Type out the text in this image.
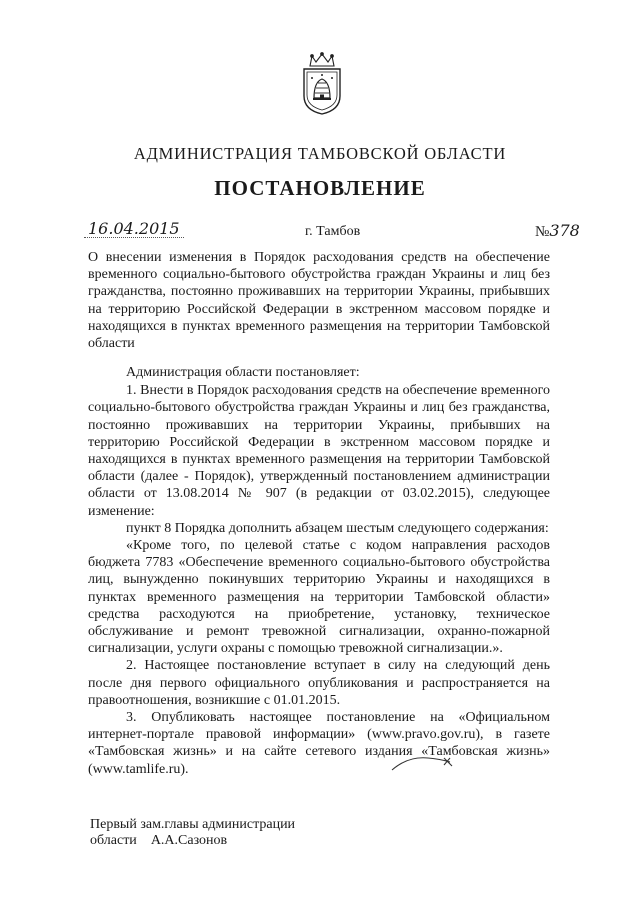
АДМИНИСТРАЦИЯ ТАМБОВСКОЙ ОБЛАСТИ
ПОСТАНОВЛЕНИЕ
16.04.2015	г. Тамбов	№378
О внесении изменения в Порядок расходования средств на обеспечение временного социально-бытового обустройства граждан Украины и лиц без гражданства, постоянно проживавших на территории Украины, прибывших на территорию Российской Федерации в экстренном массовом порядке и находящихся в пунктах временного размещения на территории Тамбовской области

Администрация области постановляет:

1. Внести в Порядок расходования средств на обеспечение временного социально-бытового обустройства граждан Украины и лиц без гражданства, постоянно проживавших на территории Украины, прибывших на территорию Российской Федерации в экстренном массовом порядке и находящихся в пунктах временного размещения на территории Тамбовской области (далее - Порядок), утвержденный постановлением администрации области от 13.08.2014 № 907 (в редакции от 03.02.2015), следующее изменение:

пункт 8 Порядка дополнить абзацем шестым следующего содержания:

«Кроме того, по целевой статье с кодом направления расходов бюджета 7783 «Обеспечение временного социально-бытового обустройства лиц, вынужденно покинувших территорию Украины и находящихся в пунктах временного размещения на территории Тамбовской области» средства расходуются на приобретение, установку, техническое обслуживание и ремонт тревожной сигнализации, охранно-пожарной сигнализации, услуги охраны с помощью тревожной сигнализации.».

2. Настоящее постановление вступает в силу на следующий день после дня первого официального опубликования и распространяется на правоотношения, возникшие с 01.01.2015.

3. Опубликовать настоящее постановление на «Официальном интернет-портале правовой информации» (www.pravo.gov.ru), в газете «Тамбовская жизнь» и на сайте сетевого издания «Тамбовская жизнь» (www.tamlife.ru).

Первый зам.главы администрации
области А.А.Сазонов
